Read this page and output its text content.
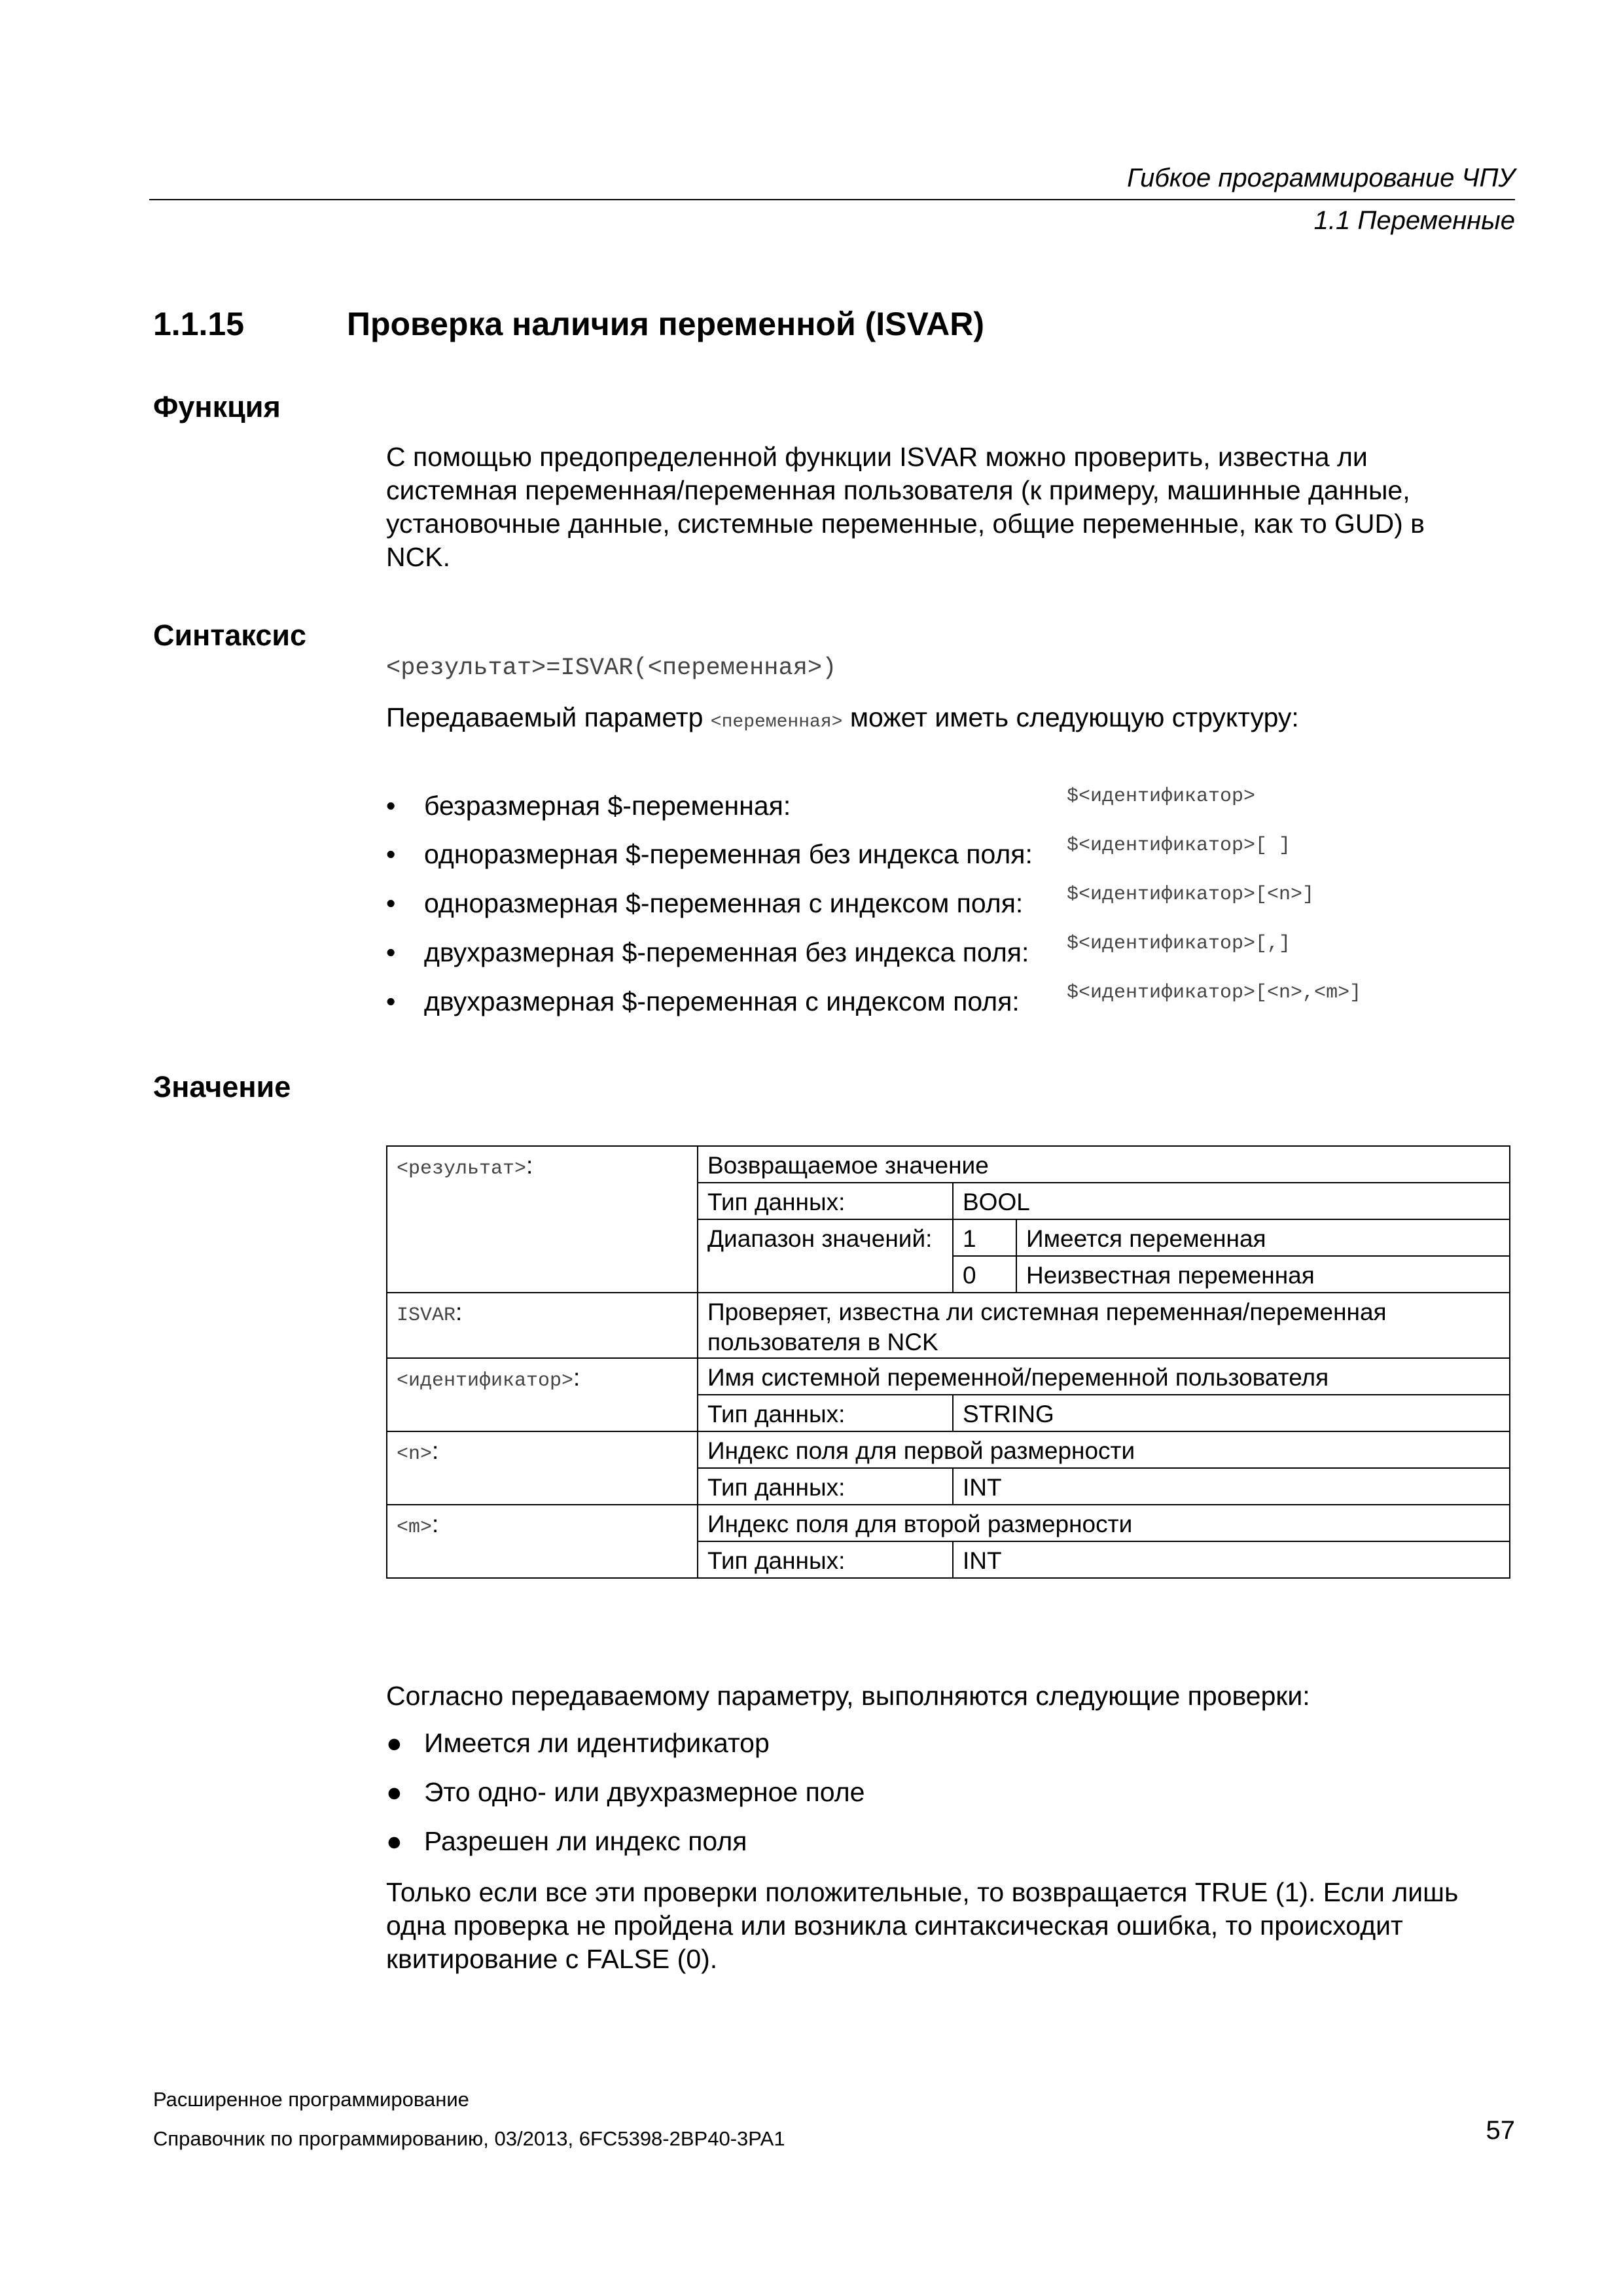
Гибкое программирование ЧПУ
1.1 Переменные
1.1.15	Проверка наличия переменной (ISVAR)
Функция
С помощью предопределенной функции ISVAR можно проверить, известна ли
системная переменная/переменная пользователя (к примеру, машинные данные,
установочные данные, системные переменные, общие переменные, как то GUD) в
NCK.
Синтаксис
<результат>=ISVAR(<переменная>)
Передаваемый параметр <переменная> может иметь следующую структуру:
• безразмерная $-переменная:	$<идентификатор>
• одноразмерная $-переменная без индекса поля: $<идентификатор>[ ]
• одноразмерная $-переменная с индексом поля: $<идентификатор>[<n>]
• двухразмерная $-переменная без индекса поля: $<идентификатор>[,]
• двухразмерная $-переменная с индексом поля: $<идентификатор>[<n>,<m>]
Значение
<результат>:	Возвращаемое значение		
	Тип данных:	BOOL	
	Диапазон значений:	1	Имеется переменная
		0	Неизвестная переменная
ISVAR:	Проверяет, известна ли системная переменная/переменная
пользователя в NCK		

<идентификатор>:	Имя системной переменной/переменной пользователя		
	Тип данных:	STRING	
<n>:	Индекс поля для первой размерности		
	Тип данных:	INT	
<m>:	Индекс поля для второй размерности		
	Тип данных:	INT	
Согласно передаваемому параметру, выполняются следующие проверки:
● Имеется ли идентификатор
● Это одно- или двухразмерное поле
● Разрешен ли индекс поля
Только если все эти проверки положительные, то возвращается TRUE (1). Если лишь
одна проверка не пройдена или возникла синтаксическая ошибка, то происходит
квитирование с FALSE (0).
Расширенное программирование
Справочник по программированию, 03/2013, 6FC5398-2BP40-3PA1	57
